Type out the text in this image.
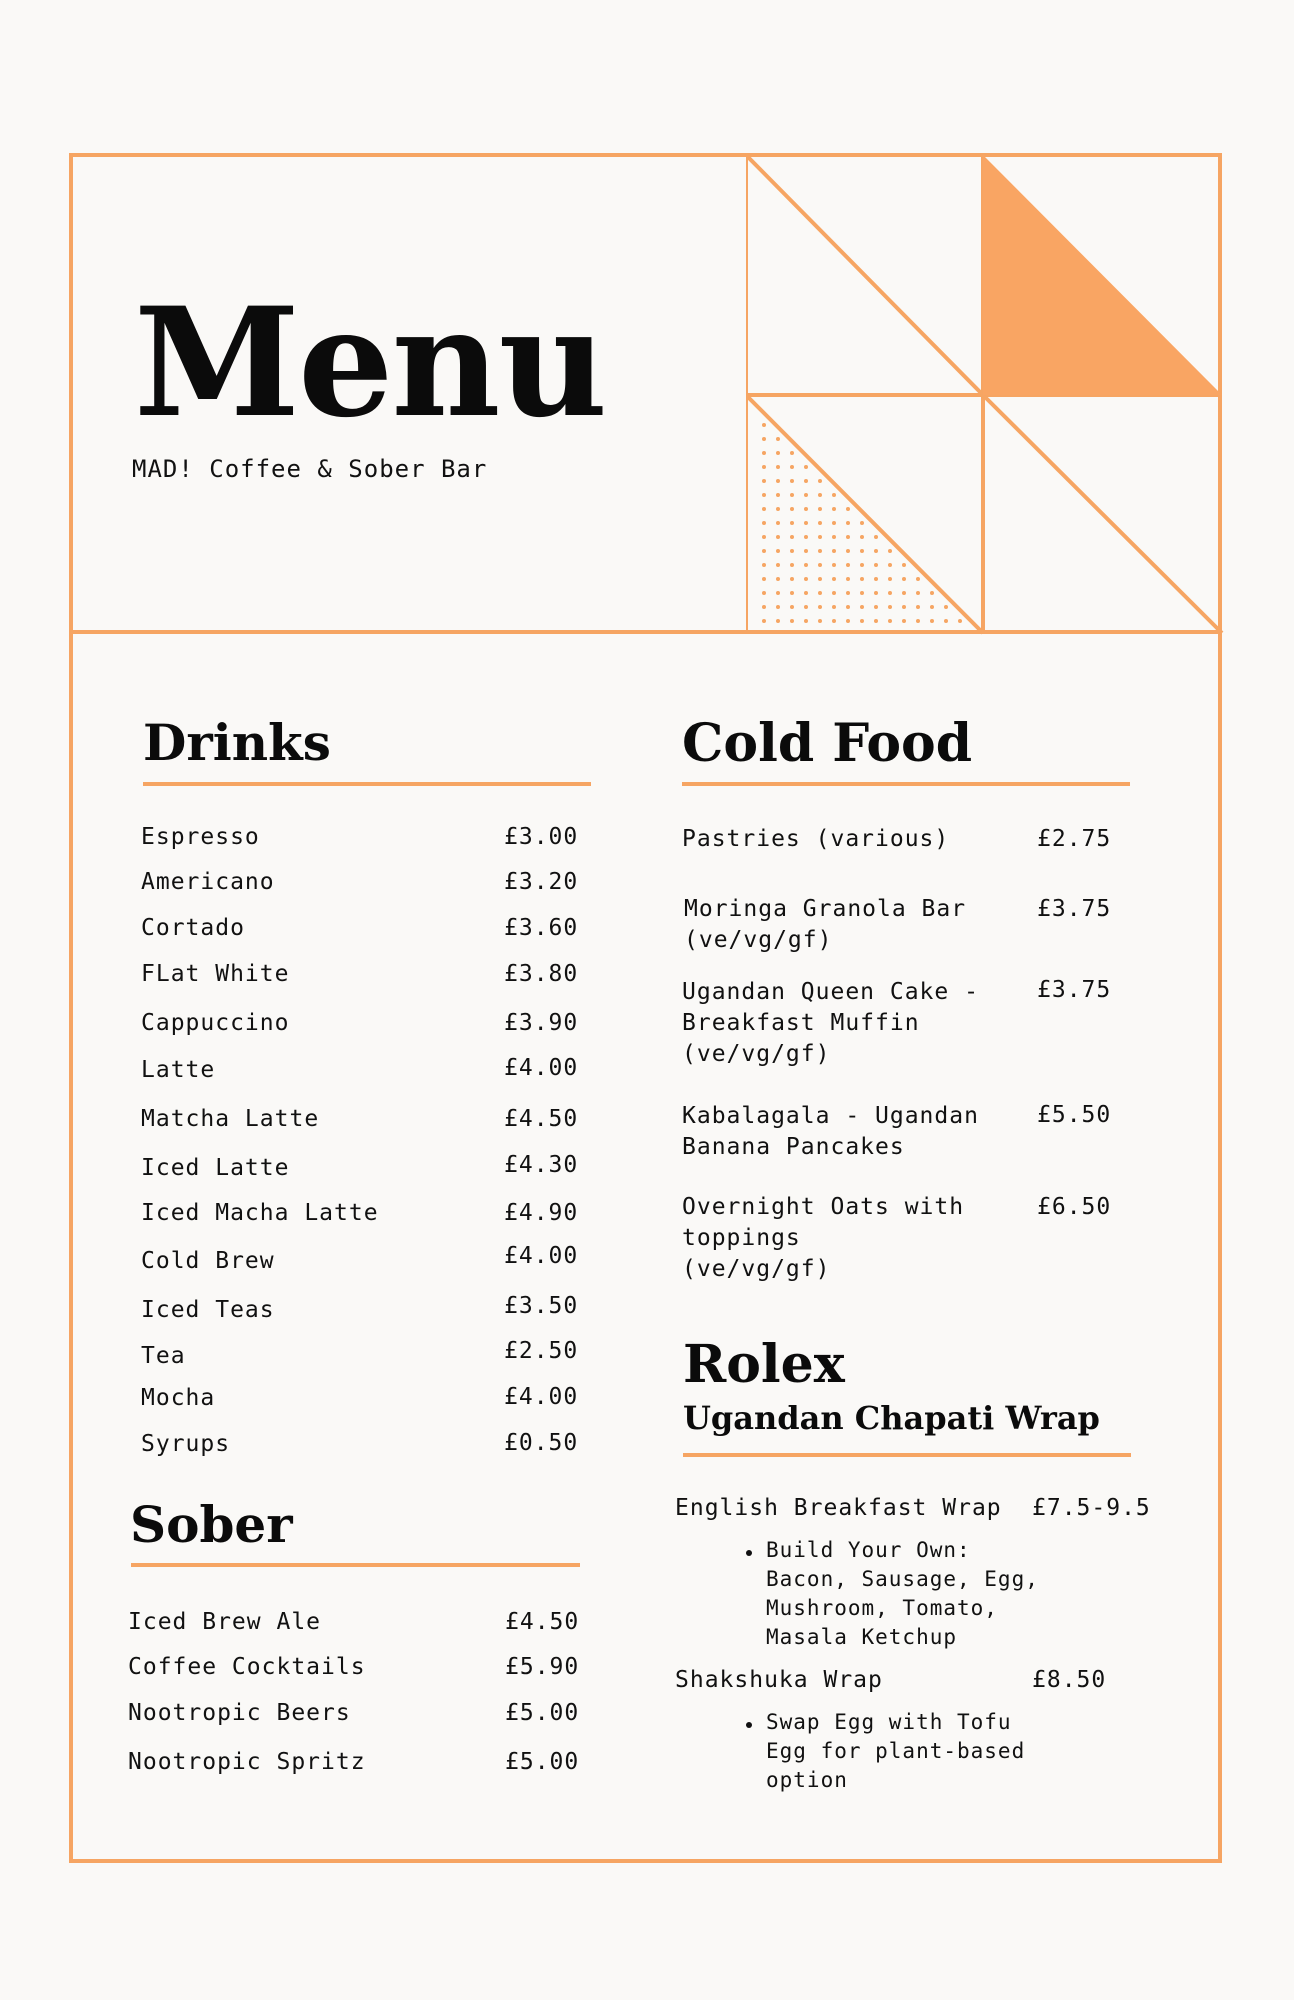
Menu
MAD! Coffee & Sober Bar
Drinks
Espresso	£3.00
Americano	£3.20
Cortado	£3.60
FLat White	£3.80
Cappuccino	£3.90
Latte	£4.00
Matcha Latte	£4.50
Iced Latte	£4.30
Iced Macha Latte	£4.90
Cold Brew	£4.00
Iced Teas	£3.50
Tea	£2.50
Mocha	£4.00
Syrups	£0.50
Sober
Iced Brew Ale	£4.50
Coffee Cocktails	£5.90
Nootropic Beers	£5.00
Nootropic Spritz	£5.00
Cold Food
Pastries (various)	£2.75
Moringa Granola Bar
(ve/vg/gf)
£3.75
Ugandan Queen Cake -
Breakfast Muffin
(ve/vg/gf)
£3.75
Kabalagala - Ugandan
Banana Pancakes
£5.50
Overnight Oats with
toppings
(ve/vg/gf)
£6.50
Rolex
Ugandan Chapati Wrap
English Breakfast Wrap £7.5-9.5
Build Your Own:
Bacon, Sausage, Egg,
Mushroom, Tomato,
Masala Ketchup
Shakshuka Wrap	£8.50
Swap Egg with Tofu
Egg for plant-based
option
